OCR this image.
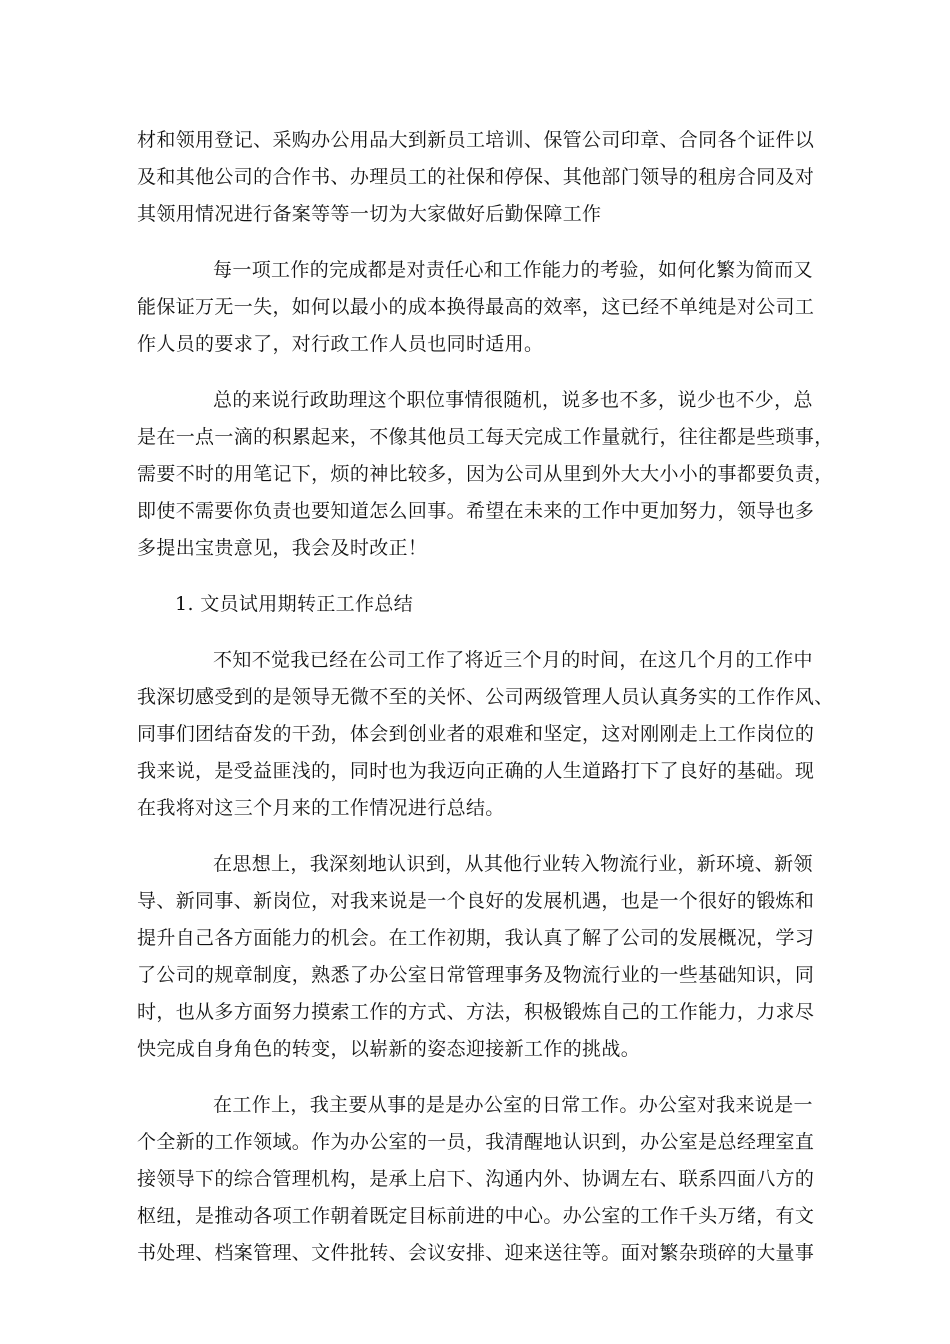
材和领用登记、采购办公用品大到新员工培训、保管公司印章、合同各个证件以
及和其他公司的合作书、办理员工的社保和停保、其他部门领导的租房合同及对
其领用情况进行备案等等一切为大家做好后勤保障工作
每一项工作的完成都是对责任心和工作能力的考验，如何化繁为简而又
能保证万无一失，如何以最小的成本换得最高的效率，这已经不单纯是对公司工
作人员的要求了，对行政工作人员也同时适用。
总的来说行政助理这个职位事情很随机，说多也不多，说少也不少，总
是在一点一滴的积累起来，不像其他员工每天完成工作量就行，往往都是些琐事，
需要不时的用笔记下，烦的神比较多，因为公司从里到外大大小小的事都要负责，
即使不需要你负责也要知道怎么回事。希望在未来的工作中更加努力，领导也多
多提出宝贵意见，我会及时改正！
1. 文员试用期转正工作总结
不知不觉我已经在公司工作了将近三个月的时间，在这几个月的工作中
我深切感受到的是领导无微不至的关怀、公司两级管理人员认真务实的工作作风、
同事们团结奋发的干劲，体会到创业者的艰难和坚定，这对刚刚走上工作岗位的
我来说，是受益匪浅的，同时也为我迈向正确的人生道路打下了良好的基础。现
在我将对这三个月来的工作情况进行总结。
在思想上，我深刻地认识到，从其他行业转入物流行业，新环境、新领
导、新同事、新岗位，对我来说是一个良好的发展机遇，也是一个很好的锻炼和
提升自己各方面能力的机会。在工作初期，我认真了解了公司的发展概况，学习
了公司的规章制度，熟悉了办公室日常管理事务及物流行业的一些基础知识，同
时，也从多方面努力摸索工作的方式、方法，积极锻炼自己的工作能力，力求尽
快完成自身角色的转变，以崭新的姿态迎接新工作的挑战。
在工作上，我主要从事的是是办公室的日常工作。办公室对我来说是一
个全新的工作领域。作为办公室的一员，我清醒地认识到，办公室是总经理室直
接领导下的综合管理机构，是承上启下、沟通内外、协调左右、联系四面八方的
枢纽，是推动各项工作朝着既定目标前进的中心。办公室的工作千头万绪，有文
书处理、档案管理、文件批转、会议安排、迎来送往等。面对繁杂琐碎的大量事
